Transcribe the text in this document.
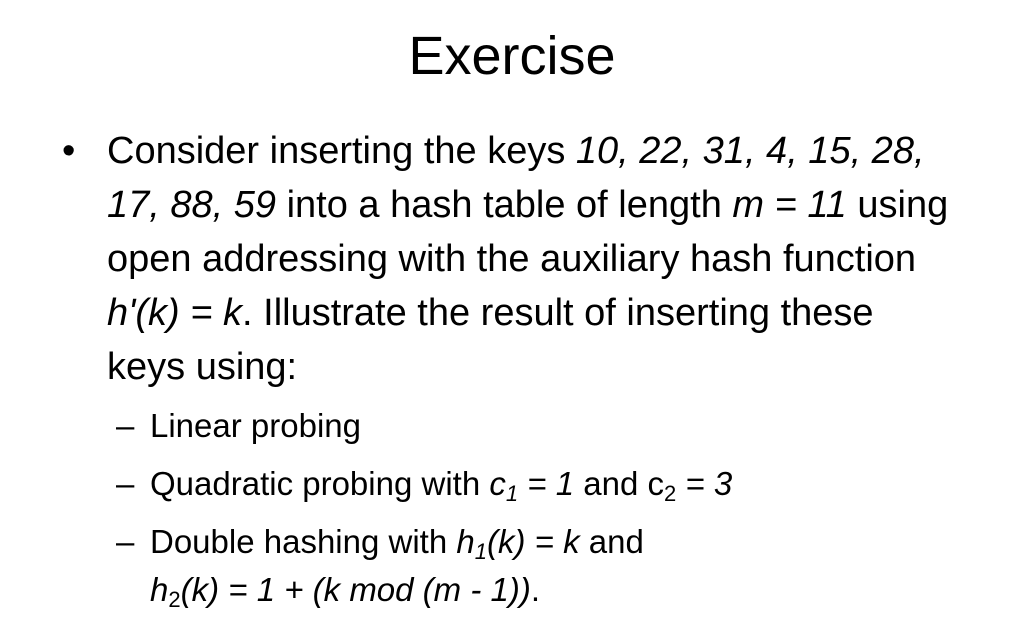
Exercise
• Consider inserting the keys 10, 22, 31, 4, 15, 28, 17, 88, 59 into a hash table of length m = 11 using open addressing with the auxiliary hash function h'(k) = k. Illustrate the result of inserting these keys using:
– Linear probing
– Quadratic probing with $c_1 = 1$ and $c_2 = 3$
– Double hashing with $h_1(k) = k$ and
$h_2(k) = 1 + (k$ mod (m - 1)).
